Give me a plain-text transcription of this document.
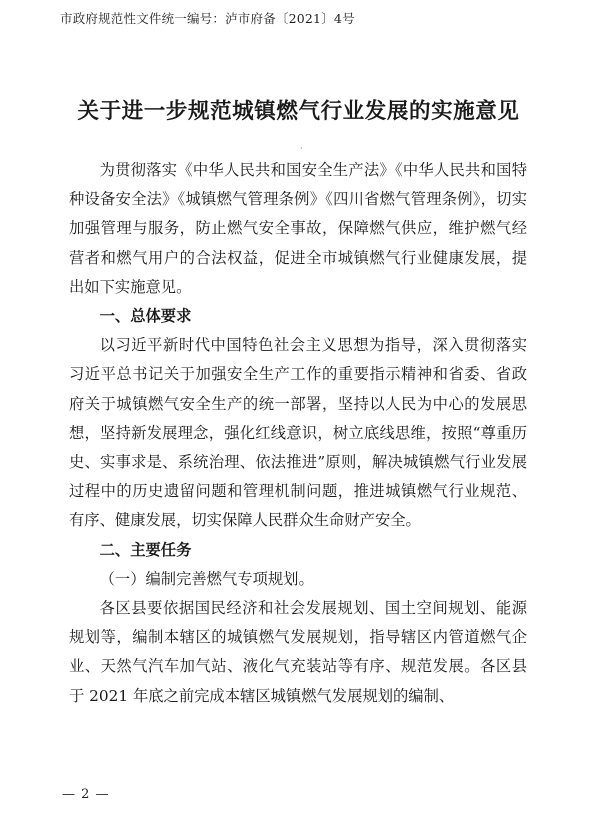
市政府规范性文件统一编号：泸市府备〔2021〕4号
关于进一步规范城镇燃气行业发展的实施意见
·

为贯彻落实《中华人民共和国安全生产法》《中华人民共和国特种设备安全法》《城镇燃气管理条例》《四川省燃气管理条例》，切实加强管理与服务，防止燃气安全事故，保障燃气供应，维护燃气经营者和燃气用户的合法权益，促进全市城镇燃气行业健康发展，提出如下实施意见。

一、总体要求

以习近平新时代中国特色社会主义思想为指导，深入贯彻落实习近平总书记关于加强安全生产工作的重要指示精神和省委、省政府关于城镇燃气安全生产的统一部署，坚持以人民为中心的发展思想，坚持新发展理念，强化红线意识，树立底线思维，按照“尊重历史、实事求是、系统治理、依法推进”原则，解决城镇燃气行业发展过程中的历史遗留问题和管理机制问题，推进城镇燃气行业规范、有序、健康发展，切实保障人民群众生命财产安全。

二、主要任务

（一）编制完善燃气专项规划。

各区县要依据国民经济和社会发展规划、国土空间规划、能源规划等，编制本辖区的城镇燃气发展规划，指导辖区内管道燃气企业、天然气汽车加气站、液化气充装站等有序、规范发展。各区县于 2021 年底之前完成本辖区城镇燃气发展规划的编制、

— 2 —
